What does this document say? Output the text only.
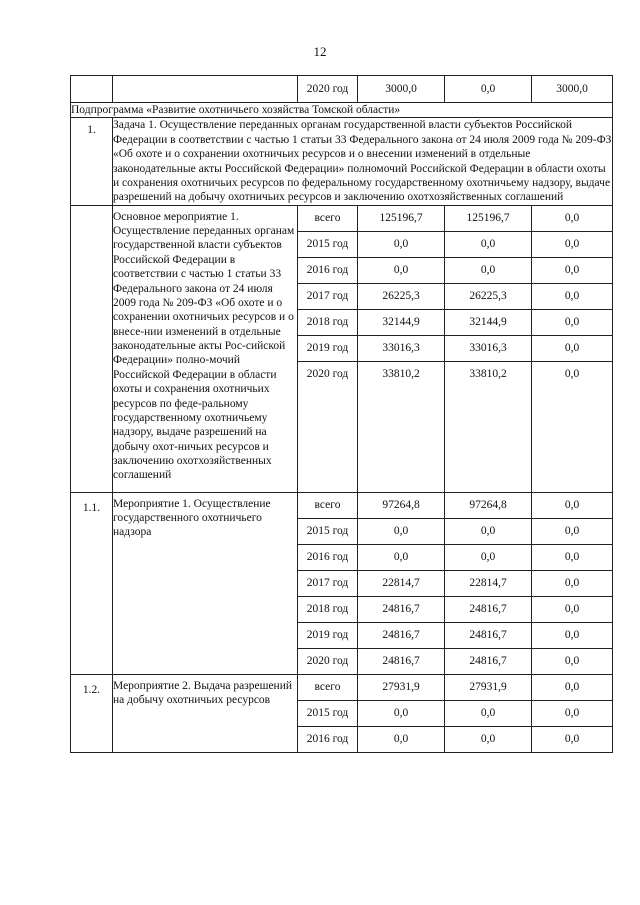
12
		2020 год	3000,0	0,0	3000,0
Подпрограмма «Развитие охотничьего хозяйства Томской области»					
1.	Задача 1. Осуществление переданных органам государственной власти субъектов Российской Федерации в соответствии с частью 1 статьи 33 Федерального закона от 24 июля 2009 года № 209-ФЗ «Об охоте и о сохранении охотничьих ресурсов и о внесении изменений в отдельные законодательные акты Российской Федерации» полномочий Российской Федерации в области охоты и сохранения охотничьих ресурсов по федеральному государственному охотничьему надзору, выдаче разрешений на добычу охотничьих ресурсов и заключению охотхозяйственных соглашений				
	Основное мероприятие 1. Осуществление переданных органам государственной власти субъектов Российской Федерации в соответствии с частью 1 статьи 33 Федерального закона от 24 июля 2009 года № 209-ФЗ «Об охоте и о сохранении охотничьих ресурсов и о внесе-нии изменений в отдельные законодательные акты Рос-сийской Федерации» полно-мочий Российской Федерации в области охоты и сохранения охотничьих ресурсов по феде-ральному государственному охотничьему надзору, выдаче разрешений на добычу охот-ничьих ресурсов и заключению охотхозяйственных соглашений	всего	125196,7	125196,7	0,0
		2015 год	0,0	0,0	0,0
		2016 год	0,0	0,0	0,0
		2017 год	26225,3	26225,3	0,0
		2018 год	32144,9	32144,9	0,0
		2019 год	33016,3	33016,3	0,0
		2020 год	33810,2	33810,2	0,0
1.1.	Мероприятие 1. Осуществление государственного охотничьего надзора	всего	97264,8	97264,8	0,0
		2015 год	0,0	0,0	0,0
		2016 год	0,0	0,0	0,0
		2017 год	22814,7	22814,7	0,0
		2018 год	24816,7	24816,7	0,0
		2019 год	24816,7	24816,7	0,0
		2020 год	24816,7	24816,7	0,0
1.2.	Мероприятие 2. Выдача разрешений на добычу охотничьих ресурсов	всего	27931,9	27931,9	0,0
		2015 год	0,0	0,0	0,0
		2016 год	0,0	0,0	0,0
